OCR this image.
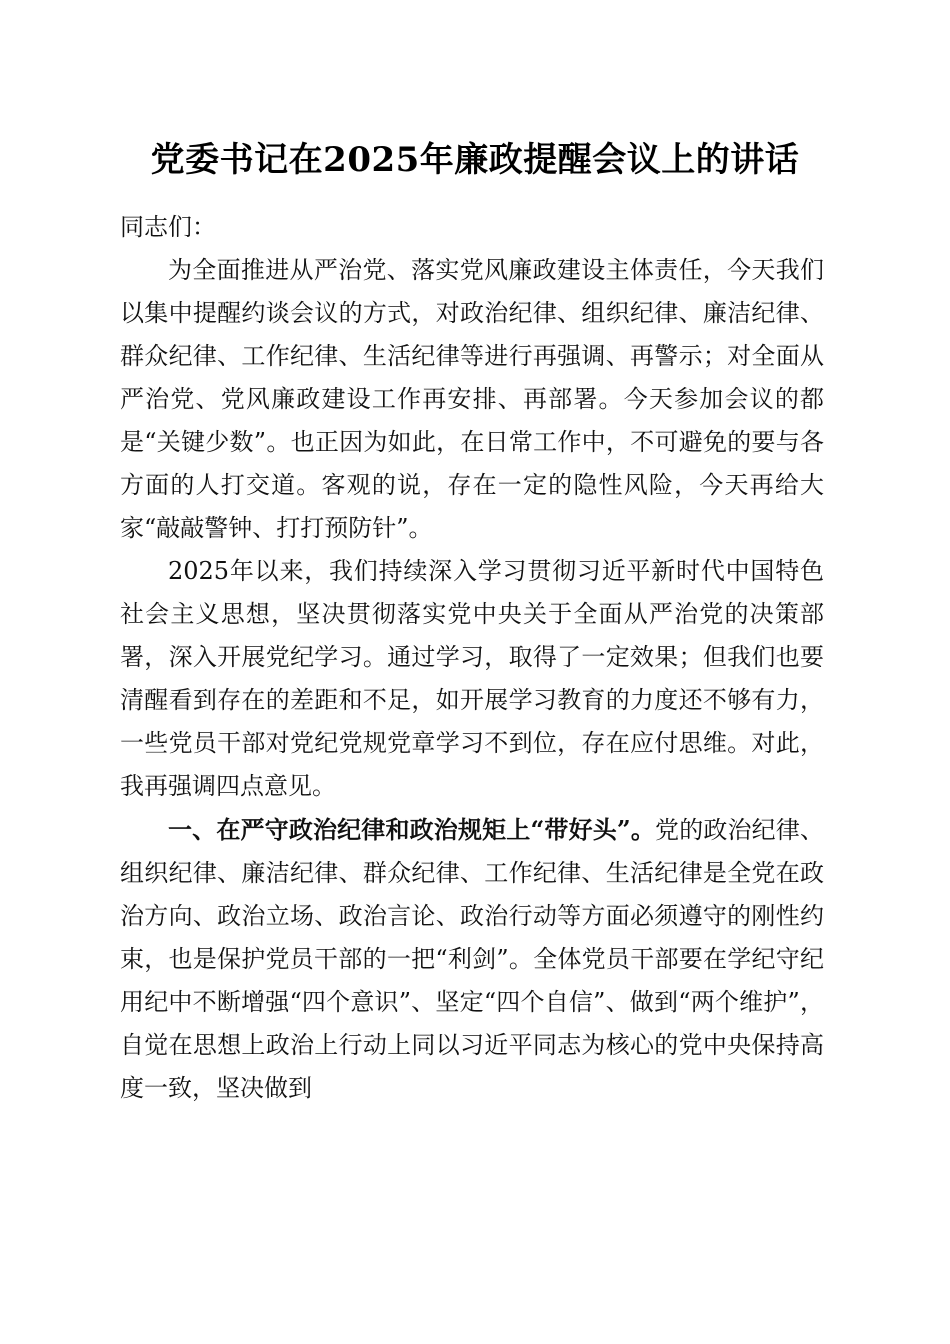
党委书记在2025年廉政提醒会议上的讲话

同志们：

为全面推进从严治党、落实党风廉政建设主体责任，今天我们以集中提醒约谈会议的方式，对政治纪律、组织纪律、廉洁纪律、群众纪律、工作纪律、生活纪律等进行再强调、再警示；对全面从严治党、党风廉政建设工作再安排、再部署。今天参加会议的都是“关键少数”。也正因为如此，在日常工作中，不可避免的要与各方面的人打交道。客观的说，存在一定的隐性风险，今天再给大家“敲敲警钟、打打预防针”。

2025年以来，我们持续深入学习贯彻习近平新时代中国特色社会主义思想，坚决贯彻落实党中央关于全面从严治党的决策部署，深入开展党纪学习。通过学习，取得了一定效果；但我们也要清醒看到存在的差距和不足，如开展学习教育的力度还不够有力，一些党员干部对党纪党规党章学习不到位，存在应付思维。对此，我再强调四点意见。

一、在严守政治纪律和政治规矩上“带好头”。党的政治纪律、组织纪律、廉洁纪律、群众纪律、工作纪律、生活纪律是全党在政治方向、政治立场、政治言论、政治行动等方面必须遵守的刚性约束，也是保护党员干部的一把“利剑”。全体党员干部要在学纪守纪用纪中不断增强“四个意识”、坚定“四个自信”、做到“两个维护”，自觉在思想上政治上行动上同以习近平同志为核心的党中央保持高度一致，坚决做到
